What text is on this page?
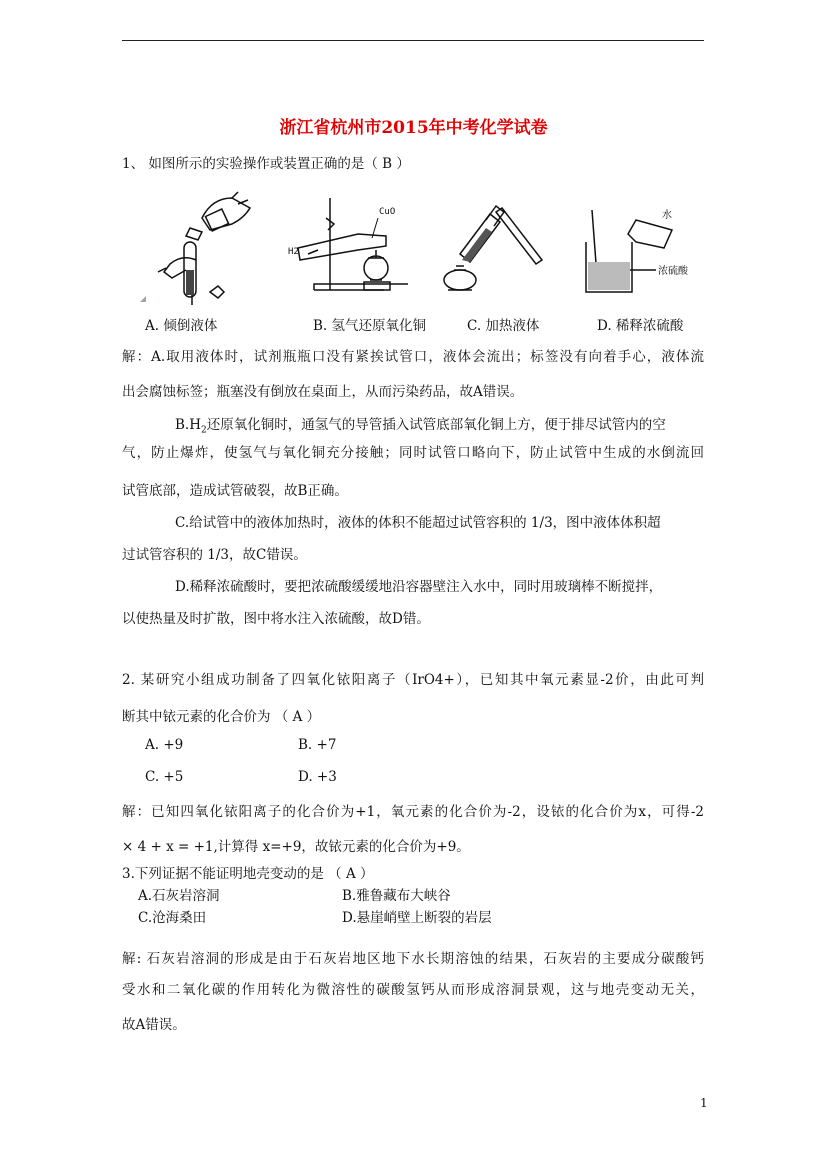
浙江省杭州市2015年中考化学试卷
1、 如图所示的实验操作或装置正确的是（ B ）
CuO
H2
水
浓硫酸
A. 倾倒液体	B. 氢气还原氧化铜	C. 加热液体	D. 稀释浓硫酸
解：A.取用液体时，试剂瓶瓶口没有紧挨试管口，液体会流出；标签没有向着手心，液体流
出会腐蚀标签；瓶塞没有倒放在桌面上，从而污染药品，故A错误。
$B.H_2$还原氧化铜时，通氢气的导管插入试管底部氧化铜上方，便于排尽试管内的空
气，防止爆炸，使氢气与氧化铜充分接触；同时试管口略向下，防止试管中生成的水倒流回
试管底部，造成试管破裂，故B正确。
C.给试管中的液体加热时，液体的体积不能超过试管容积的 1/3，图中液体体积超
过试管容积的 1/3，故C错误。
D.稀释浓硫酸时，要把浓硫酸缓缓地沿容器壁注入水中，同时用玻璃棒不断搅拌，
以使热量及时扩散，图中将水注入浓硫酸，故D错。
2. 某研究小组成功制备了四氧化铱阳离子（IrO4+），已知其中氧元素显-2价，由此可判
断其中铱元素的化合价为 （ A ）
A. +9	B. +7
C. +5	D. +3
解：已知四氧化铱阳离子的化合价为+1，氧元素的化合价为-2，设铱的化合价为x，可得-2
× 4 + x = +1,计算得 x=+9，故铱元素的化合价为+9。
3.下列证据不能证明地壳变动的是 （ A ）
A.石灰岩溶洞	B.雅鲁藏布大峡谷
C.沧海桑田	D.悬崖峭壁上断裂的岩层
解: 石灰岩溶洞的形成是由于石灰岩地区地下水长期溶蚀的结果，石灰岩的主要成分碳酸钙
受水和二氧化碳的作用转化为微溶性的碳酸氢钙从而形成溶洞景观，这与地壳变动无关，
故A错误。
1
